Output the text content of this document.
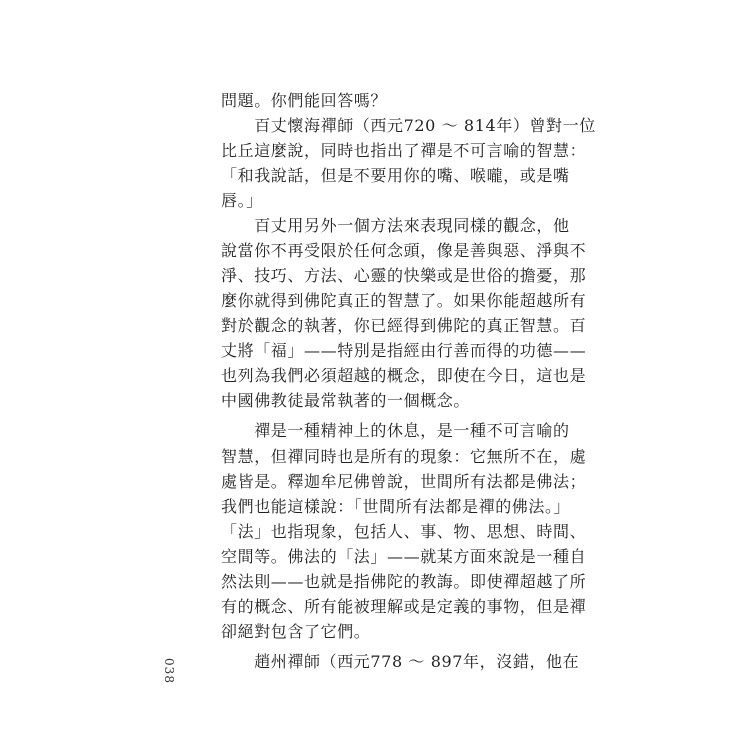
問題。你們能回答嗎？
　　百丈懷海禪師（西元720 ～ 814年）曾對一位
比丘這麼說，同時也指出了禪是不可言喻的智慧：
「和我說話，但是不要用你的嘴、喉嚨，或是嘴
唇。」
　　百丈用另外一個方法來表現同樣的觀念，他
說當你不再受限於任何念頭，像是善與惡、淨與不
淨、技巧、方法、心靈的快樂或是世俗的擔憂，那
麼你就得到佛陀真正的智慧了。如果你能超越所有
對於觀念的執著，你已經得到佛陀的真正智慧。百
丈將「福」——特別是指經由行善而得的功德——
也列為我們必須超越的概念，即使在今日，這也是
中國佛教徒最常執著的一個概念。
　　禪是一種精神上的休息，是一種不可言喻的
智慧，但禪同時也是所有的現象：它無所不在，處
處皆是。釋迦牟尼佛曾說，世間所有法都是佛法；
我們也能這樣說：「世間所有法都是禪的佛法。」
「法」也指現象，包括人、事、物、思想、時間、
空間等。佛法的「法」——就某方面來說是一種自
然法則——也就是指佛陀的教誨。即使禪超越了所
有的概念、所有能被理解或是定義的事物，但是禪
卻絕對包含了它們。
　　趙州禪師（西元778 ～ 897年，沒錯，他在
038
